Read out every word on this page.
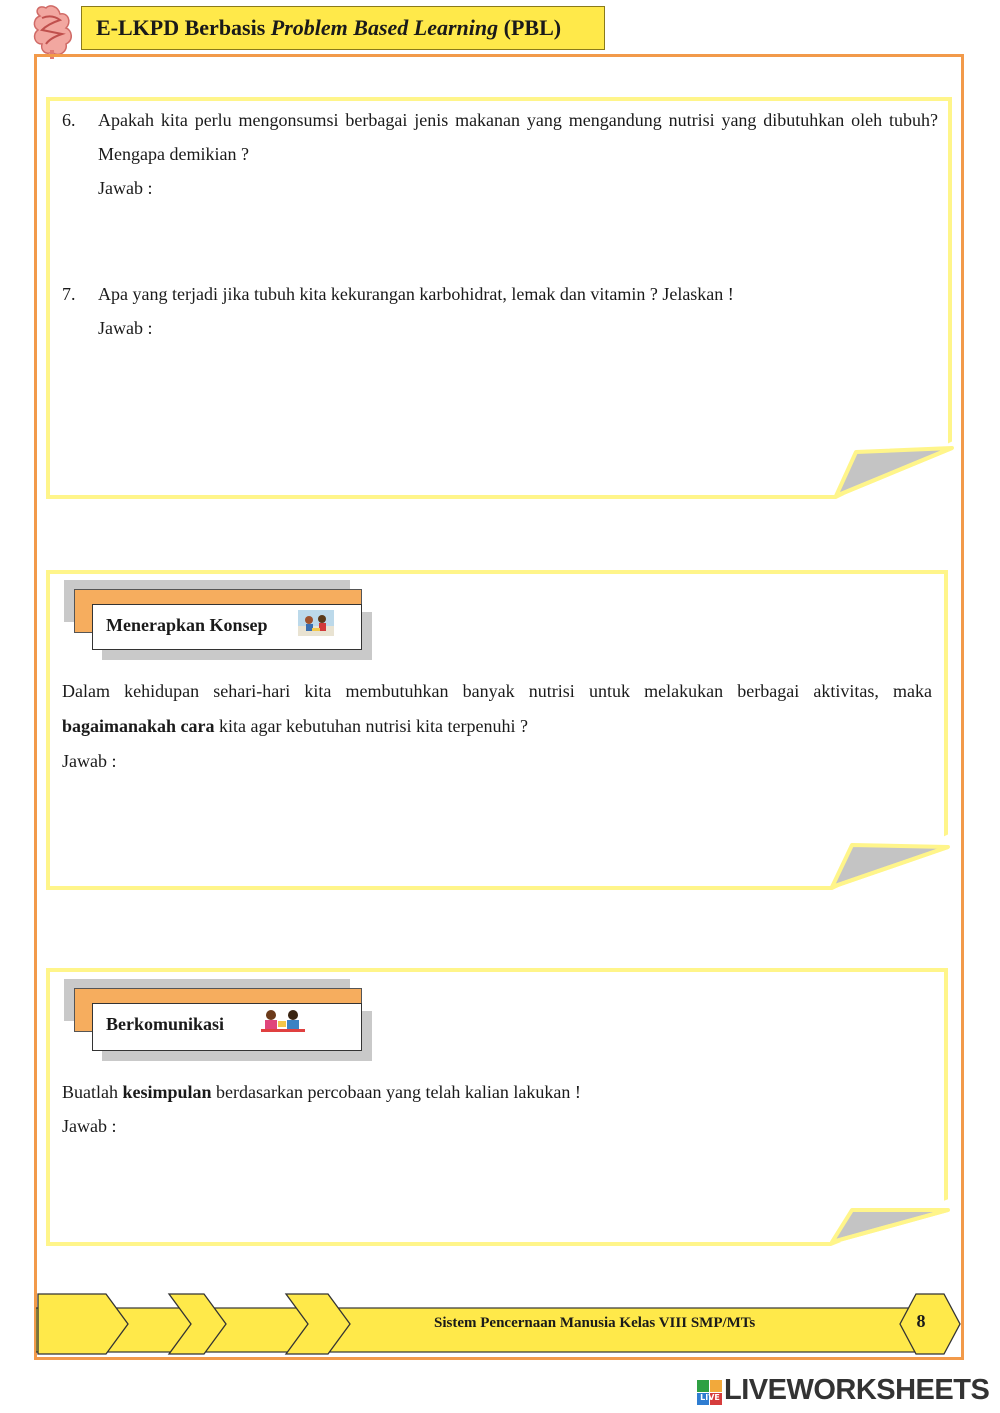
E-LKPD Berbasis Problem Based Learning (PBL)
6. Apakah kita perlu mengonsumsi berbagai jenis makanan yang mengandung nutrisi yang dibutuhkan oleh tubuh? Mengapa demikian ?
Jawab :
7. Apa yang terjadi jika tubuh kita kekurangan karbohidrat, lemak dan vitamin ? Jelaskan !
Jawab :
Menerapkan Konsep
Dalam kehidupan sehari-hari kita membutuhkan banyak nutrisi untuk melakukan berbagai aktivitas, maka bagaimanakah cara kita agar kebutuhan nutrisi kita terpenuhi ?
Jawab :
Berkomunikasi
Buatlah kesimpulan berdasarkan percobaan yang telah kalian lakukan !
Jawab :
Sistem Pencernaan Manusia Kelas VIII SMP/MTs	8
LIVE LIVEWORKSHEETS
